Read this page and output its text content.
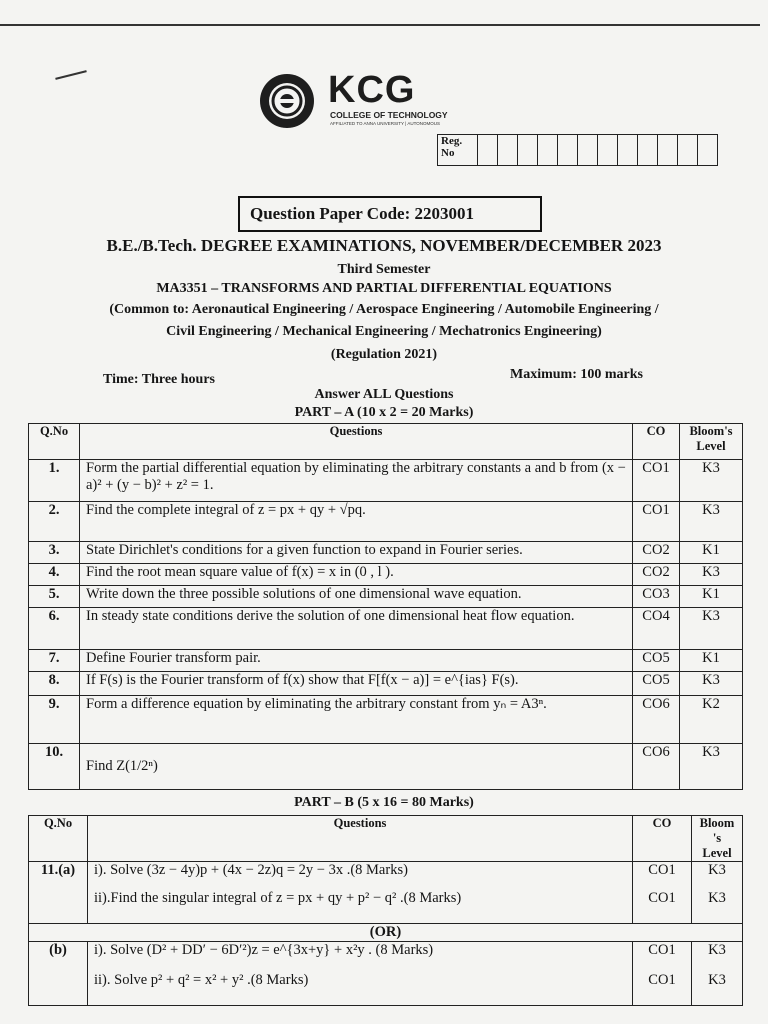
KCG
COLLEGE OF TECHNOLOGY
AFFILIATED TO ANNA UNIVERSITY | AUTONOMOUS
Reg.
No												
Question Paper Code: 2203001
B.E./B.Tech. DEGREE EXAMINATIONS, NOVEMBER/DECEMBER 2023
Third Semester
MA3351 – TRANSFORMS AND PARTIAL DIFFERENTIAL EQUATIONS
(Common to: Aeronautical Engineering / Aerospace Engineering / Automobile Engineering /
Civil Engineering / Mechanical Engineering / Mechatronics Engineering)
(Regulation 2021)
Time: Three hours	Maximum: 100 marks
Answer ALL Questions
PART – A (10 x 2 = 20 Marks)
Q.No	Questions	CO	Bloom's Level
1.	Form the partial differential equation by eliminating the arbitrary constants a and b from (x − a)² + (y − b)² + z² = 1.	CO1	K3
2.	Find the complete integral of z = px + qy + √pq.	CO1	K3
3.	State Dirichlet's conditions for a given function to expand in Fourier series.	CO2	K1
4.	Find the root mean square value of f(x) = x in (0 , l ).	CO2	K3
5.	Write down the three possible solutions of one dimensional wave equation.	CO3	K1
6.	In steady state conditions derive the solution of one dimensional heat flow equation.	CO4	K3
7.	Define Fourier transform pair.	CO5	K1
8.	If F(s) is the Fourier transform of f(x) show that F[f(x − a)] = e^{ias} F(s).	CO5	K3
9.	Form a difference equation by eliminating the arbitrary constant from yₙ = A3ⁿ.	CO6	K2
10.	Find Z(1/2ⁿ)	CO6	K3
PART – B (5 x 16 = 80 Marks)
Q.No	Questions	CO	Bloom 's Level
11.(a)	i). Solve (3z − 4y)p + (4x − 2z)q = 2y − 3x .(8 Marks)	CO1	K3
	ii).Find the singular integral of z = px + qy + p² − q² .(8 Marks)	CO1	K3
(OR)			
(b)	i). Solve (D² + DD′ − 6D′²)z = e^{3x+y} + x²y . (8 Marks)	CO1	K3
	ii). Solve p² + q² = x² + y² .(8 Marks)	CO1	K3
